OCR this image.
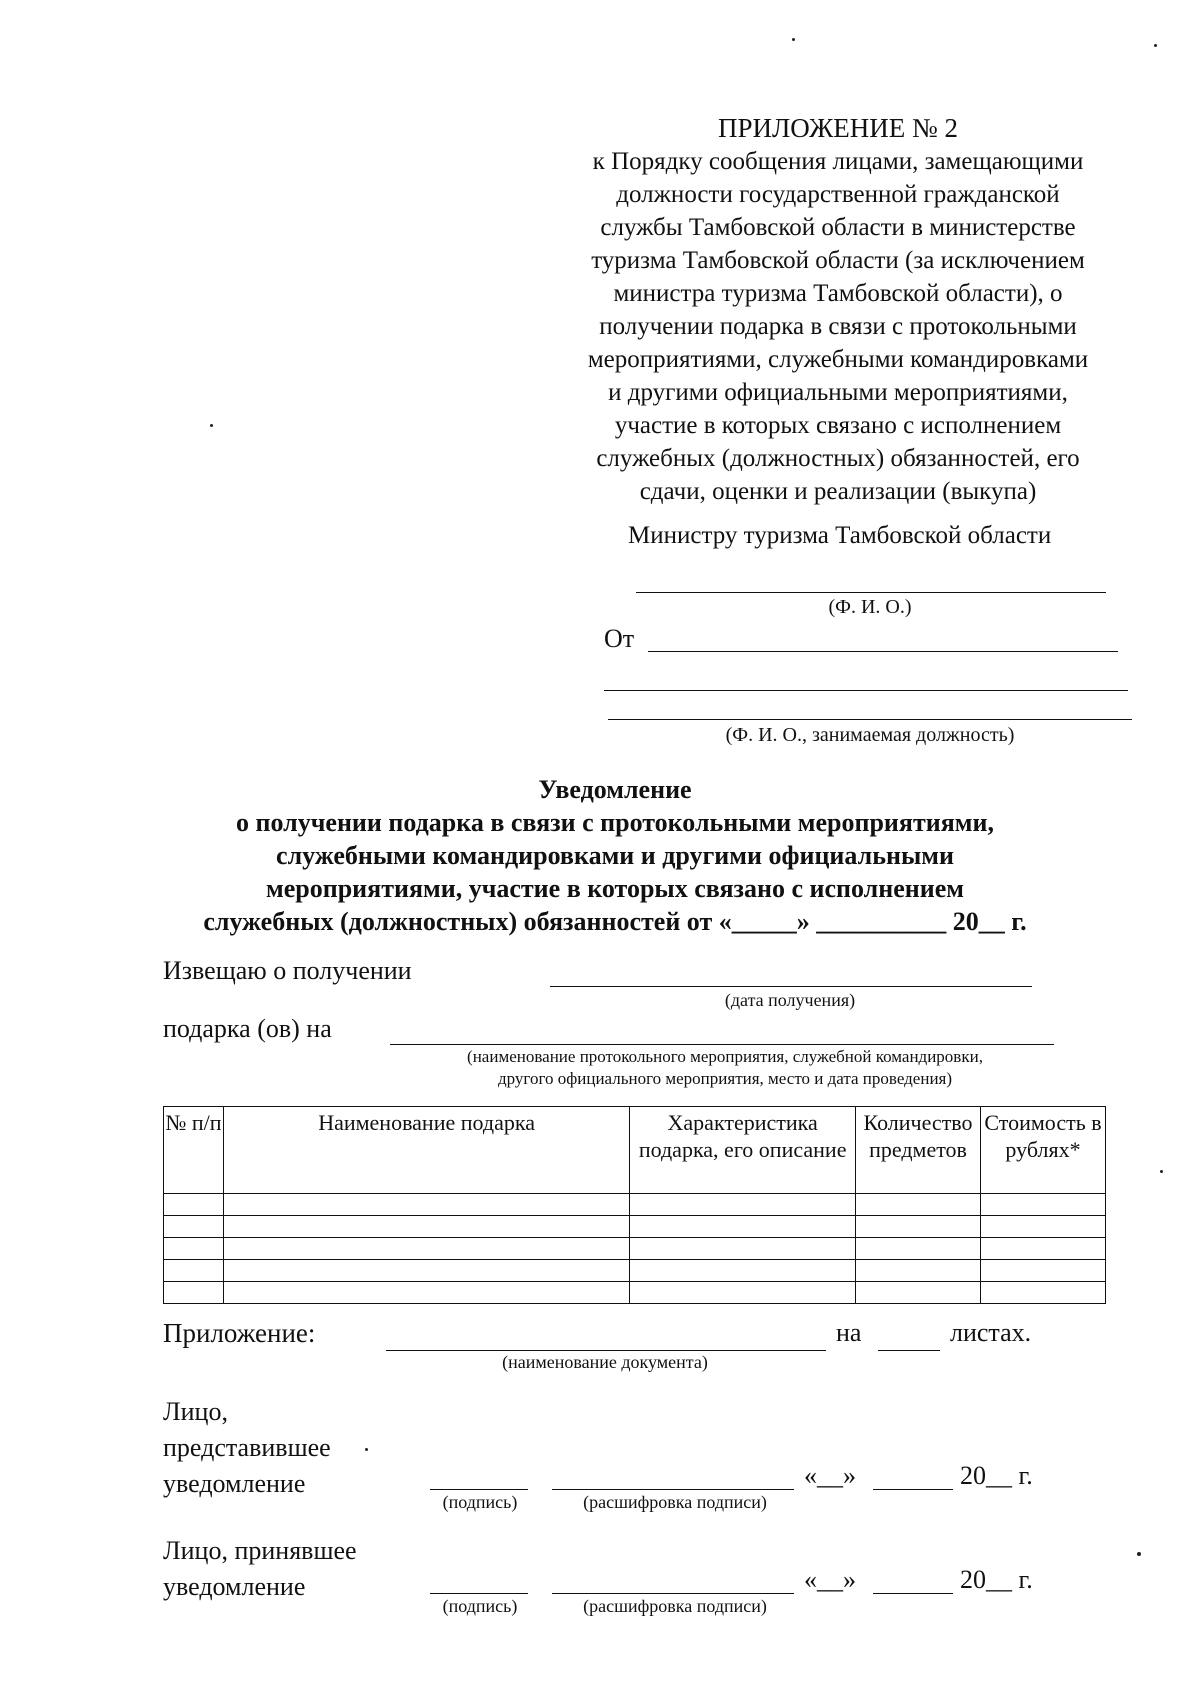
ПРИЛОЖЕНИЕ № 2
к Порядку сообщения лицами, замещающими
должности государственной гражданской
службы Тамбовской области в министерстве
туризма Тамбовской области (за исключением
министра туризма Тамбовской области), о
получении подарка в связи с протокольными
мероприятиями, служебными командировками
и другими официальными мероприятиями,
участие в которых связано с исполнением
служебных (должностных) обязанностей, его
сдачи, оценки и реализации (выкупа)
Министру туризма Тамбовской области
(Ф. И. О.)
От
(Ф. И. О., занимаемая должность)
Уведомление
о получении подарка в связи с протокольными мероприятиями,
служебными командировками и другими официальными
мероприятиями, участие в которых связано с исполнением
служебных (должностных) обязанностей от «_____» __________ 20__ г.
Извещаю о получении
(дата получения)
подарка (ов) на
(наименование протокольного мероприятия, служебной командировки,
другого официального мероприятия, место и дата проведения)
№ п/п	Наименование подарка	Характеристика подарка, его описание	Количество предметов	Стоимость в рублях*

Приложение:	на	листах.
(наименование документа)
Лицо,
представившее
уведомление	«__»	20__ г.
(подпись)	(расшифровка подписи)
Лицо, принявшее
уведомление	«__»	20__ г.
(подпись)	(расшифровка подписи)
